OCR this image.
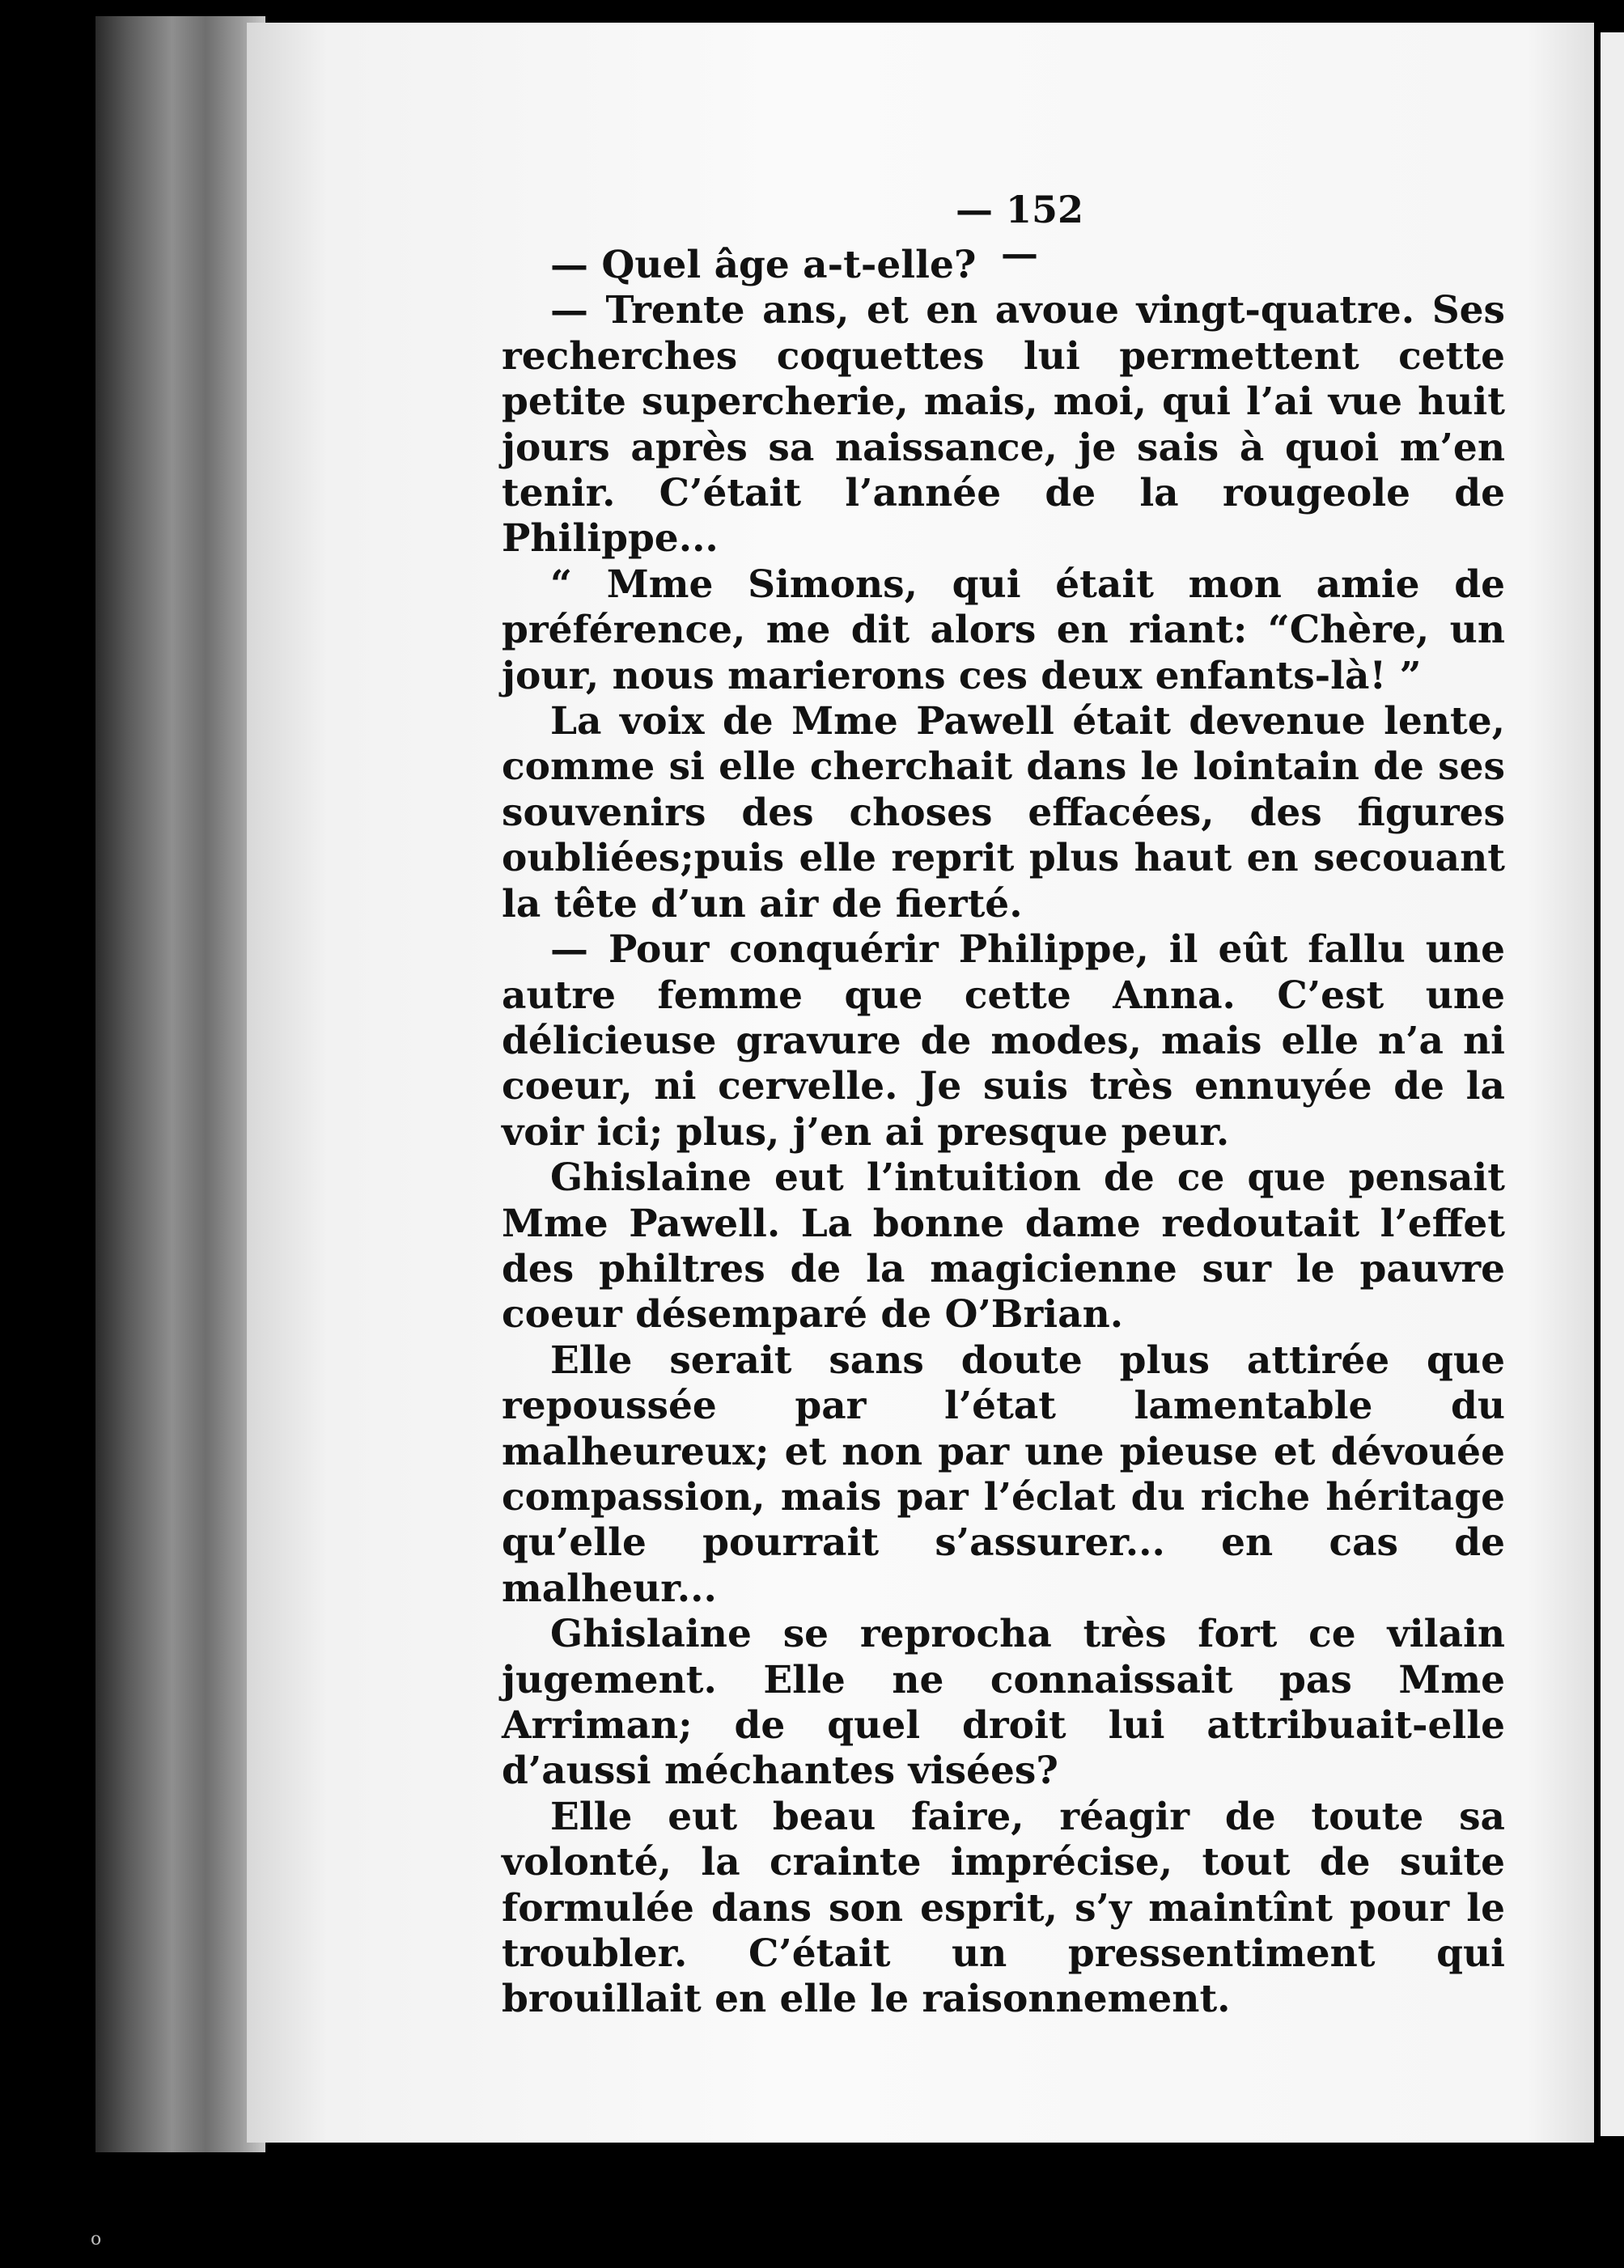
— 152 —

— Quel âge a-t-elle?

— Trente ans, et en avoue vingt-quatre. Ses recherches coquettes lui permettent cette petite supercherie, mais, moi, qui l’ai vue huit jours après sa naissance, je sais à quoi m’en tenir. C’était l’année de la rougeole de Philippe...

“ Mme Simons, qui était mon amie de préférence, me dit alors en riant: “Chère, un jour, nous marierons ces deux enfants-là! ”

La voix de Mme Pawell était devenue lente, comme si elle cherchait dans le lointain de ses souvenirs des choses effacées, des figures oubliées;puis elle reprit plus haut en secouant la tête d’un air de fierté.

— Pour conquérir Philippe, il eût fallu une autre femme que cette Anna. C’est une délicieuse gravure de modes, mais elle n’a ni coeur, ni cervelle. Je suis très ennuyée de la voir ici; plus, j’en ai presque peur.

Ghislaine eut l’intuition de ce que pensait Mme Pawell. La bonne dame redoutait l’effet des philtres de la magicienne sur le pauvre coeur désemparé de O’Brian.

Elle serait sans doute plus attirée que repoussée par l’état lamentable du malheureux; et non par une pieuse et dévouée compassion, mais par l’éclat du riche héritage qu’elle pourrait s’assurer... en cas de malheur...

Ghislaine se reprocha très fort ce vilain jugement. Elle ne connaissait pas Mme Arriman; de quel droit lui attribuait-elle d’aussi méchantes visées?

Elle eut beau faire, réagir de toute sa volonté, la crainte imprécise, tout de suite formulée dans son esprit, s’y maintînt pour le troubler. C’était un pressentiment qui brouillait en elle le raisonnement.

o
